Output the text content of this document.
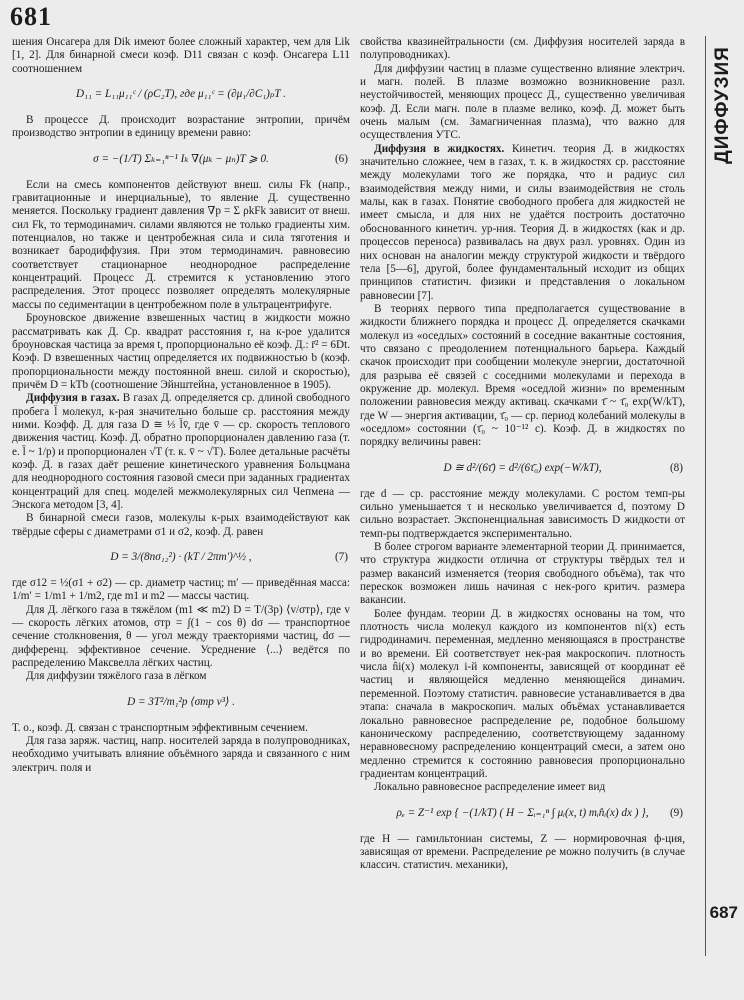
681

шения Онсагера для Dik имеют более сложный характер, чем для Lik [1, 2]. Для бинарной смеси коэф. D11 связан с коэф. Онсагера L11 соотношением

D₁₁ = L₁₁μ₁₁ᶜ / (ρC₂T), где μ₁₁ᶜ = (∂μ₁/∂C₁)ₚT .

В процессе Д. происходит возрастание энтропии, причём производство энтропии в единицу времени равно:

σ = −(1/T) Σₖ₌₁ⁿ⁻¹ Iₖ ∇(μₖ − μₙ)T ⩾ 0.	(6)

Если на смесь компонентов действуют внеш. силы Fk (напр., гравитационные и инерциальные), то явление Д. существенно меняется. Поскольку градиент давления ∇p = Σ ρkFk зависит от внеш. сил Fk, то термодинамич. силами являются не только градиенты хим. потенциалов, но также и центробежная сила и сила тяготения и возникает бародиффузия. При этом термодинамич. равновесию соответствует стационарное неоднородное распределение концентраций. Процесс Д. стремится к установлению этого распределения. Этот процесс позволяет определять молекулярные массы по седиментации в центробежном поле в ультрацентрифуге.

Броуновское движение взвешенных частиц в жидкости можно рассматривать как Д. Ср. квадрат расстояния r, на к-рое удалится броуновская частица за время t, пропорционально её коэф. Д.: r̄² = 6Dt. Коэф. D взвешенных частиц определяется их подвижностью b (коэф. пропорциональности между постоянной внеш. силой и скоростью), причём D = kTb (соотношение Эйнштейна, установленное в 1905).

Диффузия в газах. В газах Д. определяется ср. длиной свободного пробега l̄ молекул, к-рая значительно больше ср. расстояния между ними. Коэфф. Д. для газа D ≅ ⅓ l̄v̄, где v̄ — ср. скорость теплового движения частиц. Коэф. Д. обратно пропорционален давлению газа (т. е. l̄ ~ 1/p) и пропорционален √T (т. к. v̄ ~ √T). Более детальные расчёты коэф. Д. в газах даёт решение кинетического уравнения Больцмана для неоднородного состояния газовой смеси при заданных градиентах концентраций для спец. моделей межмолекулярных сил Чепмена — Энскога методом [3, 4].

В бинарной смеси газов, молекулы к-рых взаимодействуют как твёрдые сферы с диаметрами σ1 и σ2, коэф. Д. равен

D = 3/(8nσ₁₂²) · (kT / 2πm′)^½ ,	(7)

где σ12 = ½(σ1 + σ2) — ср. диаметр частиц; m′ — приведённая масса: 1/m′ = 1/m1 + 1/m2, где m1 и m2 — массы частиц.

Для Д. лёгкого газа в тяжёлом (m1 ≪ m2) D = T/(3p) ⟨v/σтр⟩, где v — скорость лёгких атомов, σтр = ∫(1 − cos θ) dσ — транспортное сечение столкновения, θ — угол между траекториями частиц, dσ — дифференц. эффективное сечение. Усреднение ⟨...⟩ ведётся по распределению Максвелла лёгких частиц.

Для диффузии тяжёлого газа в лёгком

D = 3T²/m₁²p ⟨σтр v³⟩ .

Т. о., коэф. Д. связан с транспортным эффективным сечением.

Для газа заряж. частиц, напр. носителей заряда в полупроводниках, необходимо учитывать влияние объёмного заряда и связанного с ним электрич. поля и

свойства квазинейтральности (см. Диффузия носителей заряда в полупроводниках).

Для диффузии частиц в плазме существенно влияние электрич. и магн. полей. В плазме возможно возникновение разл. неустойчивостей, меняющих процесс Д., существенно увеличивая коэф. Д. Если магн. поле в плазме велико, коэф. Д. может быть очень малым (см. Замагниченная плазма), что важно для осуществления УТС.

Диффузия в жидкостях. Кинетич. теория Д. в жидкостях значительно сложнее, чем в газах, т. к. в жидкостях ср. расстояние между молекулами того же порядка, что и радиус сил взаимодействия между ними, и силы взаимодействия не столь малы, как в газах. Понятие свободного пробега для жидкостей не имеет смысла, и для них не удаётся построить достаточно обоснованного кинетич. ур-ния. Теория Д. в жидкостях (как и др. процессов переноса) развивалась на двух разл. уровнях. Один из них основан на аналогии между структурой жидкости и твёрдого тела [5—6], другой, более фундаментальный исходит из общих принципов статистич. физики и представления о локальном равновесии [7].

В теориях первого типа предполагается существование в жидкости ближнего порядка и процесс Д. определяется скачками молекул из «оседлых» состояний в соседние вакантные состояния, что связано с преодолением потенциального барьера. Каждый скачок происходит при сообщении молекуле энергии, достаточной для разрыва её связей с соседними молекулами и перехода в окружение др. молекул. Время «оседлой жизни» по временным положении равновесия между активац. скачками τ̄ ~ τ̄₀ exp(W/kT), где W — энергия активации, τ̄₀ — ср. период колебаний молекулы в «оседлом» состоянии (τ̄₀ ~ 10⁻¹² с). Коэф. Д. в жидкостях по порядку величины равен:

D ≅ d²/(6τ̄) = d²/(6τ̄₀) exp(−W/kT),	(8)

где d — ср. расстояние между молекулами. С ростом темп-ры сильно уменьшается τ и несколько увеличивается d, поэтому D сильно возрастает. Экспоненциальная зависимость D жидкости от темп-ры подтверждается экспериментально.

В более строгом варианте элементарной теории Д. принимается, что структура жидкости отлична от структуры твёрдых тел и размер вакансий изменяется (теория свободного объёма), так что перескок возможен лишь начиная с нек-рого критич. размера вакансии.

Более фундам. теории Д. в жидкостях основаны на том, что плотность числа молекул каждого из компонентов ni(x) есть гидродинамич. переменная, медленно меняющаяся в пространстве и во времени. Ей соответствует нек-рая макроскопич. плотность числа n̂i(x) молекул i-й компоненты, зависящей от координат её частиц и являющейся медленно меняющейся динамич. переменной. Поэтому статистич. равновесие устанавливается в два этапа: сначала в макроскопич. малых объёмах устанавливается локально равновесное распределение ρe, подобное большому каноническому распределению, соответствующему заданному неравновесному распределению концентраций смеси, а затем оно медленно стремится к состоянию равновесия пропорционально градиентам концентраций.

Локально равновесное распределение имеет вид

ρₑ = Z⁻¹ exp { −(1/kT) ( H − Σᵢ₌₁ⁿ ∫ μᵢ(x, t) mᵢn̂ᵢ(x) dx ) }, (9)

где H — гамильтониан системы, Z — нормировочная ф-ция, зависящая от времени. Распределение ρe можно получить (в случае классич. статистич. механики),

ДИФФУЗИЯ
687
